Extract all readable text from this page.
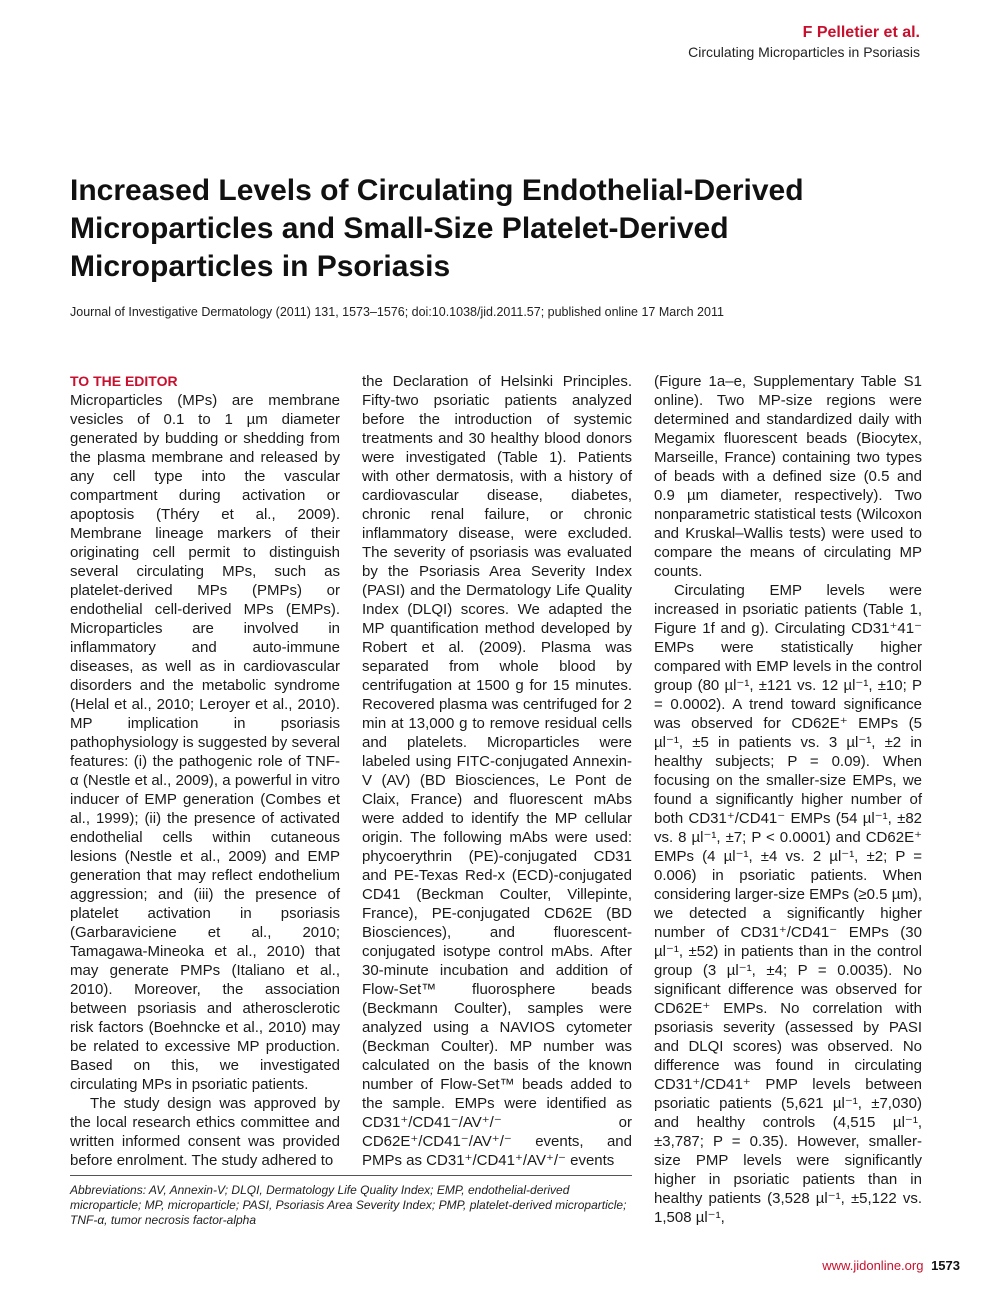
F Pelletier et al.
Circulating Microparticles in Psoriasis
Increased Levels of Circulating Endothelial-Derived
Microparticles and Small-Size Platelet-Derived
Microparticles in Psoriasis
Journal of Investigative Dermatology (2011) 131, 1573–1576; doi:10.1038/jid.2011.57; published online 17 March 2011
TO THE EDITOR

Microparticles (MPs) are membrane vesicles of 0.1 to 1 µm diameter generated by budding or shedding from the plasma membrane and released by any cell type into the vascular compartment during activation or apoptosis (Théry et al., 2009). Membrane lineage markers of their originating cell permit to distinguish several circulating MPs, such as platelet-derived MPs (PMPs) or endothelial cell-derived MPs (EMPs). Microparticles are involved in inflammatory and auto-immune diseases, as well as in cardiovascular disorders and the metabolic syndrome (Helal et al., 2010; Leroyer et al., 2010). MP implication in psoriasis pathophysiology is suggested by several features: (i) the pathogenic role of TNF-α (Nestle et al., 2009), a powerful in vitro inducer of EMP generation (Combes et al., 1999); (ii) the presence of activated endothelial cells within cutaneous lesions (Nestle et al., 2009) and EMP generation that may reflect endothelium aggression; and (iii) the presence of platelet activation in psoriasis (Garbaraviciene et al., 2010; Tamagawa-Mineoka et al., 2010) that may generate PMPs (Italiano et al., 2010). Moreover, the association between psoriasis and atherosclerotic risk factors (Boehncke et al., 2010) may be related to excessive MP production. Based on this, we investigated circulating MPs in psoriatic patients.

The study design was approved by the local research ethics committee and written informed consent was provided before enrolment. The study adhered to

the Declaration of Helsinki Principles. Fifty-two psoriatic patients analyzed before the introduction of systemic treatments and 30 healthy blood donors were investigated (Table 1). Patients with other dermatosis, with a history of cardiovascular disease, diabetes, chronic renal failure, or chronic inflammatory disease, were excluded. The severity of psoriasis was evaluated by the Psoriasis Area Severity Index (PASI) and the Dermatology Life Quality Index (DLQI) scores. We adapted the MP quantification method developed by Robert et al. (2009). Plasma was separated from whole blood by centrifugation at 1500 g for 15 minutes. Recovered plasma was centrifuged for 2 min at 13,000 g to remove residual cells and platelets. Microparticles were labeled using FITC-conjugated Annexin-V (AV) (BD Biosciences, Le Pont de Claix, France) and fluorescent mAbs were added to identify the MP cellular origin. The following mAbs were used: phycoerythrin (PE)-conjugated CD31 and PE-Texas Red-x (ECD)-conjugated CD41 (Beckman Coulter, Villepinte, France), PE-conjugated CD62E (BD Biosciences), and fluorescent-conjugated isotype control mAbs. After 30-minute incubation and addition of Flow-Set™ fluorosphere beads (Beckmann Coulter), samples were analyzed using a NAVIOS cytometer (Beckman Coulter). MP number was calculated on the basis of the known number of Flow-Set™ beads added to the sample. EMPs were identified as CD31⁺/CD41⁻/AV⁺/⁻ or CD62E⁺/CD41⁻/AV⁺/⁻ events, and PMPs as CD31⁺/CD41⁺/AV⁺/⁻ events

(Figure 1a–e, Supplementary Table S1 online). Two MP-size regions were determined and standardized daily with Megamix fluorescent beads (Biocytex, Marseille, France) containing two types of beads with a defined size (0.5 and 0.9 µm diameter, respectively). Two nonparametric statistical tests (Wilcoxon and Kruskal–Wallis tests) were used to compare the means of circulating MP counts.

Circulating EMP levels were increased in psoriatic patients (Table 1, Figure 1f and g). Circulating CD31⁺41⁻ EMPs were statistically higher compared with EMP levels in the control group (80 µl⁻¹, ±121 vs. 12 µl⁻¹, ±10; P = 0.0002). A trend toward significance was observed for CD62E⁺ EMPs (5 µl⁻¹, ±5 in patients vs. 3 µl⁻¹, ±2 in healthy subjects; P = 0.09). When focusing on the smaller-size EMPs, we found a significantly higher number of both CD31⁺/CD41⁻ EMPs (54 µl⁻¹, ±82 vs. 8 µl⁻¹, ±7; P < 0.0001) and CD62E⁺ EMPs (4 µl⁻¹, ±4 vs. 2 µl⁻¹, ±2; P = 0.006) in psoriatic patients. When considering larger-size EMPs (≥0.5 µm), we detected a significantly higher number of CD31⁺/CD41⁻ EMPs (30 µl⁻¹, ±52) in patients than in the control group (3 µl⁻¹, ±4; P = 0.0035). No significant difference was observed for CD62E⁺ EMPs. No correlation with psoriasis severity (assessed by PASI and DLQI scores) was observed. No difference was found in circulating CD31⁺/CD41⁺ PMP levels between psoriatic patients (5,621 µl⁻¹, ±7,030) and healthy controls (4,515 µl⁻¹, ±3,787; P = 0.35). However, smaller-size PMP levels were significantly higher in psoriatic patients than in healthy patients (3,528 µl⁻¹, ±5,122 vs. 1,508 µl⁻¹,

Abbreviations: AV, Annexin-V; DLQI, Dermatology Life Quality Index; EMP, endothelial-derived microparticle; MP, microparticle; PASI, Psoriasis Area Severity Index; PMP, platelet-derived microparticle; TNF-α, tumor necrosis factor-alpha
www.jidonline.org 1573
